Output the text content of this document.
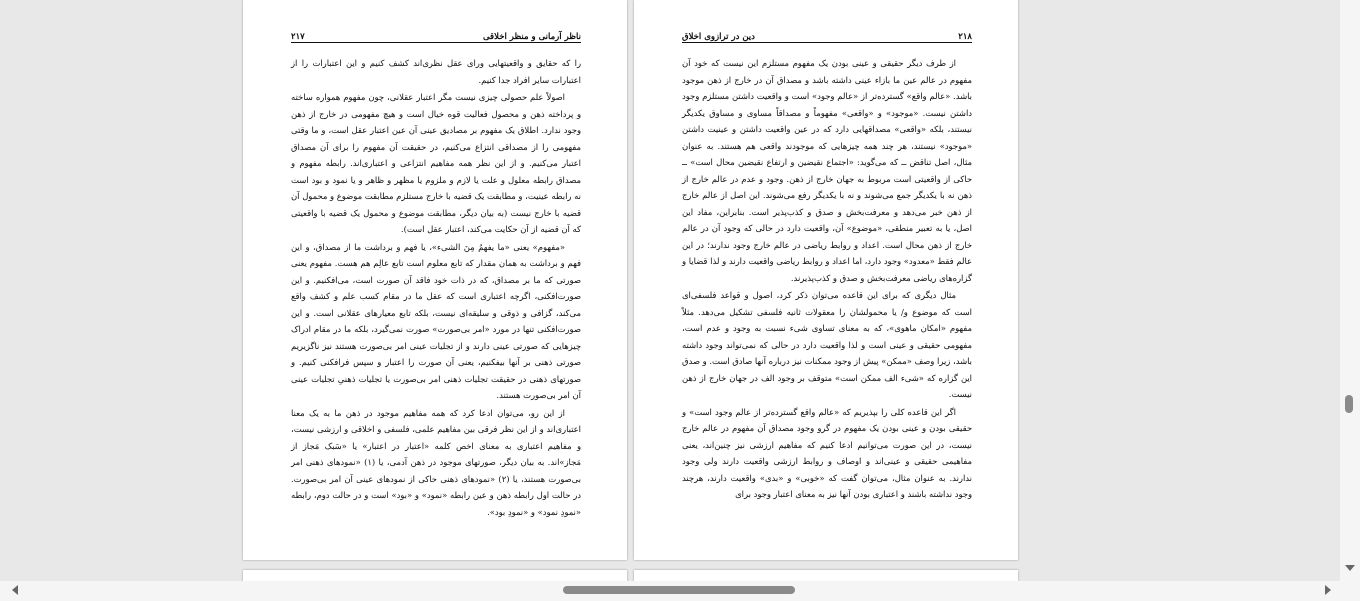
ناظر آرمانی و منظر اخلاقی
۲۱۷

را که حقایق و واقعیتهایی ورای عقل نظری‌اند کشف کنیم و این اعتبارات را از اعتبارات سایر افراد جدا کنیم.

اصولاً علم حصولی چیزی نیست مگر اعتبار عقلانی، چون مفهوم همواره ساخته و پرداخته ذهن و محصول فعالیت قوه خیال است و هیچ مفهومی در خارج از ذهن وجود ندارد. اطلاق یک مفهوم بر مصادیق عینی آن عین اعتبار عقل است، و ما وقتی مفهومی را از مصداقی انتزاع می‌کنیم، در حقیقت آن مفهوم را برای آن مصداق اعتبار می‌کنیم. و از این نظر همه مفاهیم انتزاعی و اعتباری‌اند. رابطه مفهوم و مصداق رابطه معلول و علت یا لازم و ملزوم یا مظهر و ظاهر و یا نمود و بود است نه رابطه عینیت، و مطابقت یک قضیه با خارج مستلزم مطابقت موضوع و محمول آن قضیه با خارج نیست (به بیان دیگر، مطابقت موضوع و محمول یک قضیه با واقعیتی که آن قضیه از آن حکایت می‌کند، اعتبار عقل است).

«مفهوم» یعنی «ما یفهمُ مِنَ الشیء»، یا فهم و برداشت ما از مصداق، و این فهم و برداشت به همان مقدار که تابع معلوم است تابع عالِم هم هست. مفهوم یعنی صورتی که ما بر مصداق، که در ذات خود فاقد آن صورت است، می‌افکنیم. و این صورت‌افکنی، اگرچه اعتباری است که عقل ما در مقام کسب علم و کشف واقع می‌کند، گزافی و ذوقی و سلیقه‌ای نیست، بلکه تابع معیارهای عقلانی است. و این صورت‌افکنی تنها در مورد «امر بی‌صورت» صورت نمی‌گیرد، بلکه ما در مقام ادراک چیزهایی که صورتی عینی دارند و از تجلیات عینی امر بی‌صورت هستند نیز ناگزیریم صورتی ذهنی بر آنها بیفکنیم، یعنی آن صورت را اعتبار و سپس فرافکنی کنیم. و صورتهای ذهنی در حقیقت تجلیات ذهنی امر بی‌صورت یا تجلیات ذهنیِ تجلیات عینی آن امر بی‌صورت هستند.

از این رو، می‌توان ادعا کرد که همه مفاهیم موجود در ذهن ما به یک معنا اعتباری‌اند و از این نظر فرقی بین مفاهیم علمی، فلسفی و اخلاقی و ارزشی نیست، و مفاهیم اعتباری به معنای اخص کلمه «اعتبار در اعتبار» یا «سَبک مَجاز از مَجاز»اند. به بیان دیگر، صورتهای موجود در ذهن آدمی، یا (۱) «نمودهای ذهنی امر بی‌صورت هستند، یا (۲) «نمودهای ذهنی حاکی از نمودهای عینی آن امر بی‌صورت. در حالت اول رابطه ذهن و عین رابطه «نمود» و «بود» است و در حالت دوم، رابطه «نمودِ نمود» و «نمودِ بود».

۲۱۸
دین در ترازوی اخلاق

از طرف دیگر حقیقی و عینی بودن یک مفهوم مستلزم این نیست که خود آن مفهوم در عالم عین ما بازاء عینی داشته باشد و مصداق آن در خارج از ذهن موجود باشد. «عالم واقع» گسترده‌تر از «عالم وجود» است و واقعیت داشتن مستلزم وجود داشتن نیست. «موجود» و «واقعی» مفهوماً و مصداقاً مساوی و مساوق یکدیگر نیستند، بلکه «واقعی» مصداقهایی دارد که در عین واقعیت داشتن و عینیت داشتن «موجود» نیستند، هر چند همه چیزهایی که موجودند واقعی هم هستند. به عنوان مثال، اصل تناقض ــ که می‌گوید: «اجتماع نقیضین و ارتفاع نقیضین محال است» ــ حاکی از واقعیتی است مربوط به جهان خارج از ذهن. وجود و عدم در عالم خارج از ذهن نه با یکدیگر جمع می‌شوند و نه با یکدیگر رفع می‌شوند. این اصل از عالم خارج از ذهن خبر می‌دهد و معرفت‌بخش و صدق و کذب‌پذیر است. بنابراین، مفاد این اصل، یا به تعبیر منطقی، «موضوع» آن، واقعیت دارد در حالی که وجود آن در عالم خارج از ذهن محال است. اعداد و روابط ریاضی در عالم خارج وجود ندارند؛ در این عالم فقط «معدود» وجود دارد، اما اعداد و روابط ریاضی واقعیت دارند و لذا قضایا و گزاره‌های ریاضی معرفت‌بخش و صدق و کذب‌پذیرند.

مثال دیگری که برای این قاعده می‌توان ذکر کرد، اصول و قواعد فلسفی‌ای است که موضوع و/ یا محمولشان را معقولات ثانیه فلسفی تشکیل می‌دهد. مثلاً مفهوم «امکان ماهوی»، که به معنای تساوی شیء نسبت به وجود و عدم است، مفهومی حقیقی و عینی است و لذا واقعیت دارد در حالی که نمی‌تواند وجود داشته باشد، زیرا وصف «ممکن» پیش از وجود ممکنات نیز درباره آنها صادق است. و صدق این گزاره که «شیء الف ممکن است» متوقف بر وجود الف در جهان خارج از ذهن نیست.

اگر این قاعده کلی را بپذیریم که «عالم واقع گسترده‌تر از عالم وجود است» و حقیقی بودن و عینی بودن یک مفهوم در گرو وجود مصداق آن مفهوم در عالم خارج نیست، در این صورت می‌توانیم ادعا کنیم که مفاهیم ارزشی نیز چنین‌اند، یعنی مفاهیمی حقیقی و عینی‌اند و اوصاف و روابط ارزشی واقعیت دارند ولی وجود ندارند. به عنوان مثال، می‌توان گفت که «خوبی» و «بدی» واقعیت دارند، هرچند وجود نداشته باشند و اعتباری بودن آنها نیز به معنای اعتبار وجود برای
